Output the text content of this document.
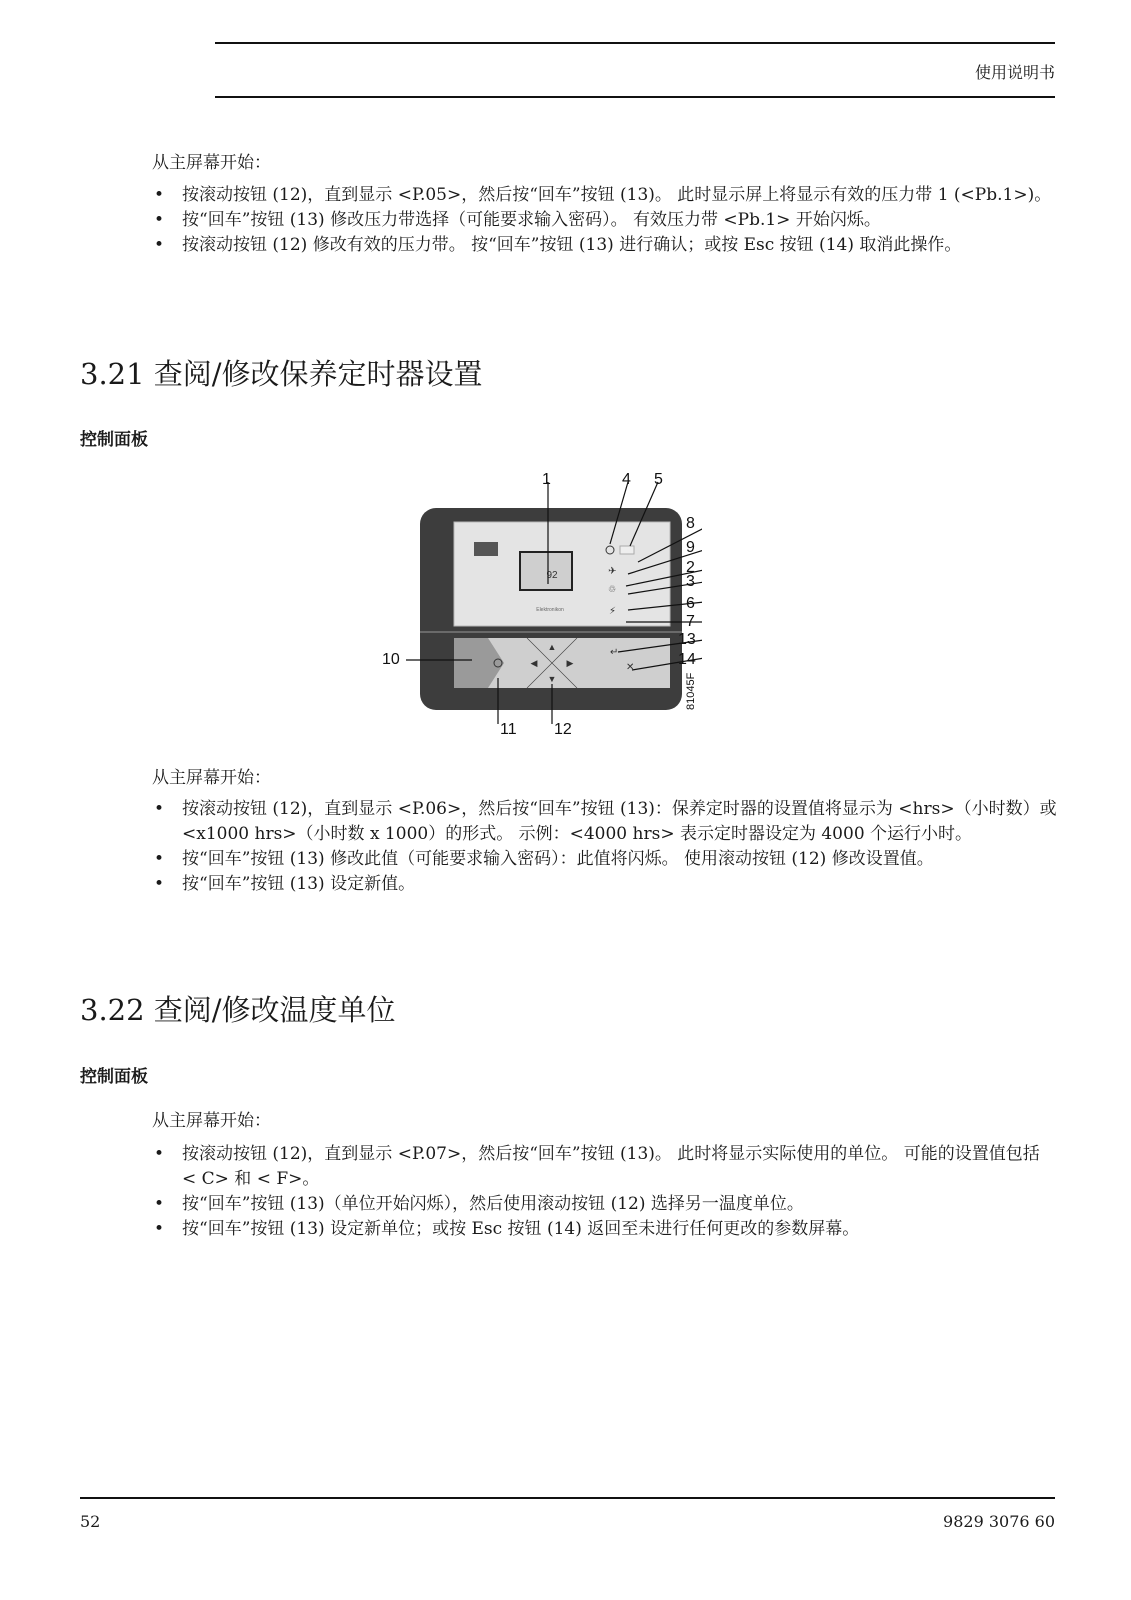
使用说明书
从主屏幕开始：
• 按滚动按钮 (12)，直到显示 <P.05>，然后按“回车”按钮 (13)。 此时显示屏上将显示有效的压力带 1 (<Pb.1>)。
• 按“回车”按钮 (13) 修改压力带选择（可能要求输入密码）。 有效压力带 <Pb.1> 开始闪烁。
• 按滚动按钮 (12) 修改有效的压力带。 按“回车”按钮 (13) 进行确认；或按 Esc 按钮 (14) 取消此操作。
3.21 查阅/修改保养定时器设置
控制面板
92	✈
♲
⚡
Elektronikon
▲
▼
◀	▶
↵
✕
1	4 5
8
9
2
3
6
7
13
14
10
11 12
81045F
从主屏幕开始：
• 按滚动按钮 (12)，直到显示 <P.06>，然后按“回车”按钮 (13)：保养定时器的设置值将显示为 <hrs>（小时数）或 <x1000 hrs>（小时数 x 1000）的形式。 示例：<4000 hrs> 表示定时器设定为 4000 个运行小时。
• 按“回车”按钮 (13) 修改此值（可能要求输入密码）：此值将闪烁。 使用滚动按钮 (12) 修改设置值。
• 按“回车”按钮 (13) 设定新值。
3.22 查阅/修改温度单位
控制面板
从主屏幕开始：
• 按滚动按钮 (12)，直到显示 <P.07>，然后按“回车”按钮 (13)。 此时将显示实际使用的单位。 可能的设置值包括 < C> 和 < F>。
• 按“回车”按钮 (13)（单位开始闪烁），然后使用滚动按钮 (12) 选择另一温度单位。
• 按“回车”按钮 (13) 设定新单位；或按 Esc 按钮 (14) 返回至未进行任何更改的参数屏幕。
52	9829 3076 60
